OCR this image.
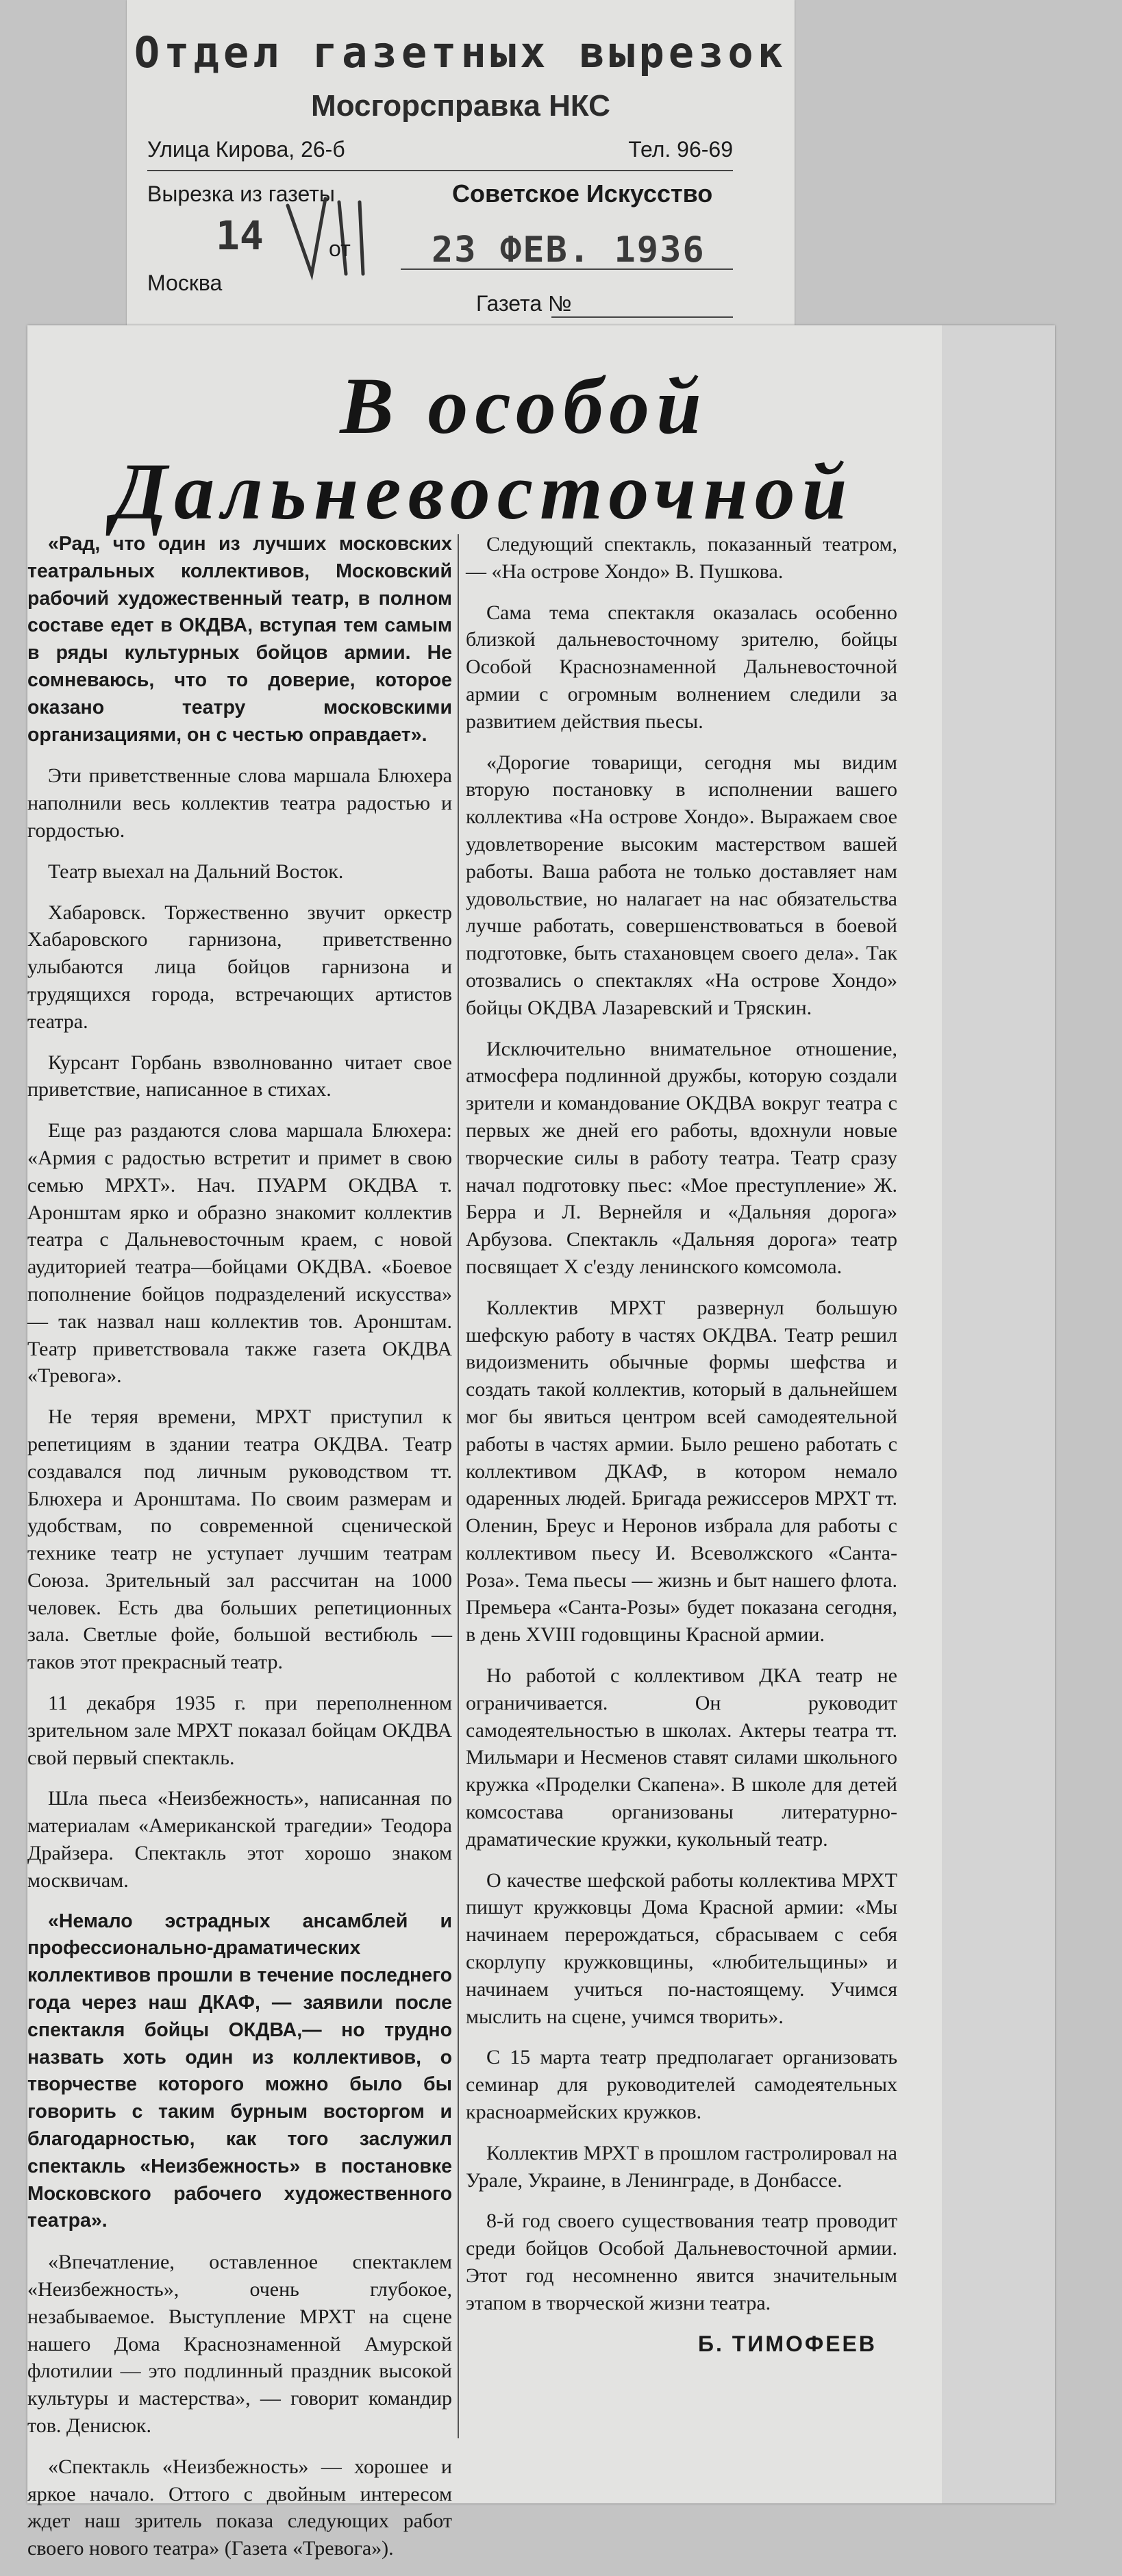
Отдел газетных вырезок
Мосгорсправка НКС
Улица Кирова, 26-б	Тел. 96-69
Вырезка из газеты	Советское Искусство
14	от 23 ФЕВ. 1936
Москва
Газета №
В особой
Дальневосточной

«Рад, что один из лучших московских театральных коллективов, Московский рабочий художественный театр, в полном составе едет в ОКДВА, вступая тем самым в ряды культурных бойцов армии. Не сомневаюсь, что то доверие, которое оказано театру московскими организациями, он с честью оправдает».

Эти приветственные слова маршала Блюхера наполнили весь коллектив театра радостью и гордостью.

Театр выехал на Дальний Восток.

Хабаровск. Торжественно звучит оркестр Хабаровского гарнизона, приветственно улыбаются лица бойцов гарнизона и трудящихся города, встречающих артистов театра.

Курсант Горбань взволнованно читает свое приветствие, написанное в стихах.

Еще раз раздаются слова маршала Блюхера: «Армия с радостью встретит и примет в свою семью МРХТ». Нач. ПУАРМ ОКДВА т. Аронштам ярко и образно знакомит коллектив театра с Дальневосточным краем, с новой аудиторией театра—бойцами ОКДВА. «Боевое пополнение бойцов подразделений искусства» — так назвал наш коллектив тов. Аронштам. Театр приветствовала также газета ОКДВА «Тревога».

Не теряя времени, МРХТ приступил к репетициям в здании театра ОКДВА. Театр создавался под личным руководством тт. Блюхера и Аронштама. По своим размерам и удобствам, по современной сценической технике театр не уступает лучшим театрам Союза. Зрительный зал рассчитан на 1000 человек. Есть два больших репетиционных зала. Светлые фойе, большой вестибюль — таков этот прекрасный театр.

11 декабря 1935 г. при переполненном зрительном зале МРХТ показал бойцам ОКДВА свой первый спектакль.

Шла пьеса «Неизбежность», написанная по материалам «Американской трагедии» Теодора Драйзера. Спектакль этот хорошо знаком москвичам.

«Немало эстрадных ансамблей и профессионально-драматических коллективов прошли в течение последнего года через наш ДКАФ, — заявили после спектакля бойцы ОКДВА,— но трудно назвать хоть один из коллективов, о творчестве которого можно было бы говорить с таким бурным восторгом и благодарностью, как того заслужил спектакль «Неизбежность» в постановке Московского рабочего художественного театра».

«Впечатление, оставленное спектаклем «Неизбежность», очень глубокое, незабываемое. Выступление МРХТ на сцене нашего Дома Краснознаменной Амурской флотилии — это подлинный праздник высокой культуры и мастерства», — говорит командир тов. Денисюк.

«Спектакль «Неизбежность» — хорошее и яркое начало. Оттого с двойным интересом ждет наш зритель показа следующих работ своего нового театра» (Газета «Тревога»).

Следующий спектакль, показанный театром, — «На острове Хондо» В. Пушкова.

Сама тема спектакля оказалась особенно близкой дальневосточному зрителю, бойцы Особой Краснознаменной Дальневосточной армии с огромным волнением следили за развитием действия пьесы.

«Дорогие товарищи, сегодня мы видим вторую постановку в исполнении вашего коллектива «На острове Хондо». Выражаем свое удовлетворение высоким мастерством вашей работы. Ваша работа не только доставляет нам удовольствие, но налагает на нас обязательства лучше работать, совершенствоваться в боевой подготовке, быть стахановцем своего дела». Так отозвались о спектаклях «На острове Хондо» бойцы ОКДВА Лазаревский и Тряскин.

Исключительно внимательное отношение, атмосфера подлинной дружбы, которую создали зрители и командование ОКДВА вокруг театра с первых же дней его работы, вдохнули новые творческие силы в работу театра. Театр сразу начал подготовку пьес: «Мое преступление» Ж. Берра и Л. Вернейля и «Дальняя дорога» Арбузова. Спектакль «Дальняя дорога» театр посвящает X с'езду ленинского комсомола.

Коллектив МРХТ развернул большую шефскую работу в частях ОКДВА. Театр решил видоизменить обычные формы шефства и создать такой коллектив, который в дальнейшем мог бы явиться центром всей самодеятельной работы в частях армии. Было решено работать с коллективом ДКАФ, в котором немало одаренных людей. Бригада режиссеров МРХТ тт. Оленин, Бреус и Неронов избрала для работы с коллективом пьесу И. Всеволжского «Санта-Роза». Тема пьесы — жизнь и быт нашего флота. Премьера «Санта-Розы» будет показана сегодня, в день XVIII годовщины Красной армии.

Но работой с коллективом ДКА театр не ограничивается. Он руководит самодеятельностью в школах. Актеры театра тт. Мильмари и Несменов ставят силами школьного кружка «Проделки Скапена». В школе для детей комсостава организованы литературно-драматические кружки, кукольный театр.

О качестве шефской работы коллектива МРХТ пишут кружковцы Дома Красной армии: «Мы начинаем перерождаться, сбрасываем с себя скорлупу кружковщины, «любительщины» и начинаем учиться по-настоящему. Учимся мыслить на сцене, учимся творить».

С 15 марта театр предполагает организовать семинар для руководителей самодеятельных красноармейских кружков.

Коллектив МРХТ в прошлом гастролировал на Урале, Украине, в Ленинграде, в Донбассе.

8-й год своего существования театр проводит среди бойцов Особой Дальневосточной армии. Этот год несомненно явится значительным этапом в творческой жизни театра.

Б. ТИМОФЕЕВ
